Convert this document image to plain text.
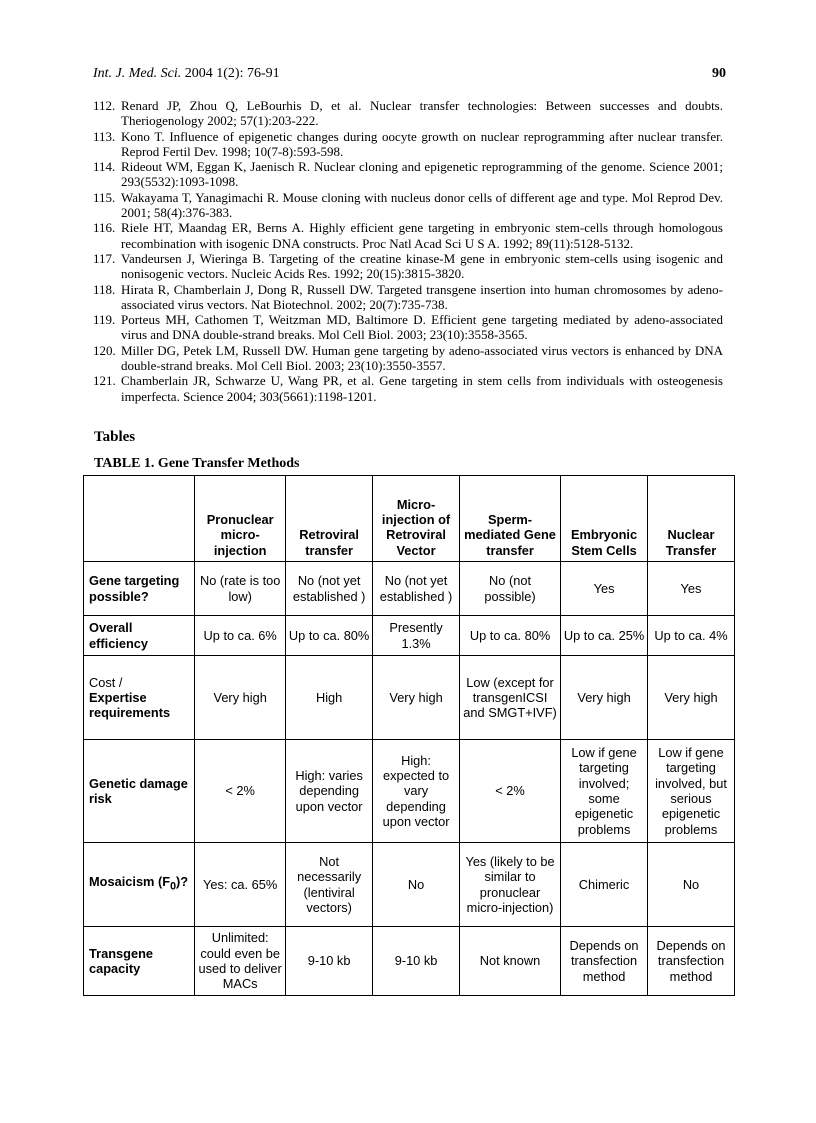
Int. J. Med. Sci. 2004 1(2): 76-91	90
112. Renard JP, Zhou Q, LeBourhis D, et al. Nuclear transfer technologies: Between successes and doubts. Theriogenology 2002; 57(1):203-222.
113. Kono T. Influence of epigenetic changes during oocyte growth on nuclear reprogramming after nuclear transfer. Reprod Fertil Dev. 1998; 10(7-8):593-598.
114. Rideout WM, Eggan K, Jaenisch R. Nuclear cloning and epigenetic reprogramming of the genome. Science 2001; 293(5532):1093-1098.
115. Wakayama T, Yanagimachi R. Mouse cloning with nucleus donor cells of different age and type. Mol Reprod Dev. 2001; 58(4):376-383.
116. Riele HT, Maandag ER, Berns A. Highly efficient gene targeting in embryonic stem-cells through homologous recombination with isogenic DNA constructs. Proc Natl Acad Sci U S A. 1992; 89(11):5128-5132.
117. Vandeursen J, Wieringa B. Targeting of the creatine kinase-M gene in embryonic stem-cells using isogenic and nonisogenic vectors. Nucleic Acids Res. 1992; 20(15):3815-3820.
118. Hirata R, Chamberlain J, Dong R, Russell DW. Targeted transgene insertion into human chromosomes by adeno- associated virus vectors. Nat Biotechnol. 2002; 20(7):735-738.
119. Porteus MH, Cathomen T, Weitzman MD, Baltimore D. Efficient gene targeting mediated by adeno-associated virus and DNA double-strand breaks. Mol Cell Biol. 2003; 23(10):3558-3565.
120. Miller DG, Petek LM, Russell DW. Human gene targeting by adeno-associated virus vectors is enhanced by DNA double-strand breaks. Mol Cell Biol. 2003; 23(10):3550-3557.
121. Chamberlain JR, Schwarze U, Wang PR, et al. Gene targeting in stem cells from individuals with osteogenesis imperfecta. Science 2004; 303(5661):1198-1201.
Tables
TABLE 1. Gene Transfer Methods
	Pronuclear micro-injection	Retroviral transfer	Micro-injection of Retroviral Vector	Sperm-mediated Gene transfer	Embryonic Stem Cells	Nuclear Transfer
Gene targeting possible?	No (rate is too low)	No (not yet established )	No (not yet established )	No (not possible)	Yes	Yes
Overall efficiency	Up to ca. 6%	Up to ca. 80%	Presently 1.3%	Up to ca. 80%	Up to ca. 25%	Up to ca. 4%
Cost /
Expertise requirements	Very high	High	Very high	Low (except for transgenICSI and SMGT+IVF)	Very high	Very high
Genetic damage risk	< 2%	High: varies depending upon vector	High: expected to vary depending upon vector	< 2%	Low if gene targeting involved; some epigenetic problems	Low if gene targeting involved, but serious epigenetic problems
Mosaicism $(F_0)$?	Yes: ca. 65%	Not necessarily (lentiviral vectors)	No	Yes (likely to be similar to pronuclear micro-injection)	Chimeric	No
Transgene capacity	Unlimited: could even be used to deliver MACs	9-10 kb	9-10 kb	Not known	Depends on transfection method	Depends on transfection method
